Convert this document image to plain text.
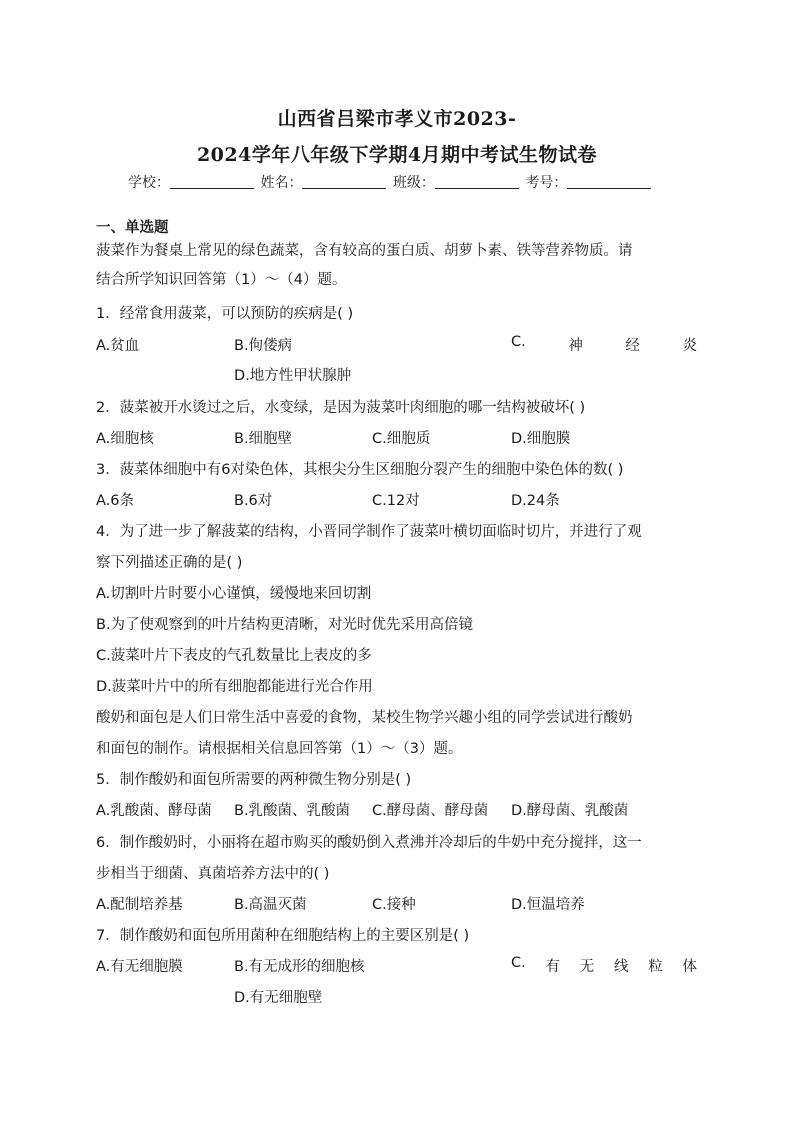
山西省吕梁市孝义市2023-
2024学年八年级下学期4月期中考试生物试卷
学校：	姓名：	班级：	考号：
一、单选题
菠菜作为餐桌上常见的绿色蔬菜，含有较高的蛋白质、胡萝卜素、铁等营养物质。请
结合所学知识回答第（1）～（4）题。
1．经常食用菠菜，可以预防的疾病是( )
A.贫血	B.佝偻病	C.	神	经	炎
D.地方性甲状腺肿
2．菠菜被开水烫过之后，水变绿，是因为菠菜叶肉细胞的哪一结构被破坏( )
A.细胞核	B.细胞壁	C.细胞质	D.细胞膜
3．菠菜体细胞中有6对染色体，其根尖分生区细胞分裂产生的细胞中染色体的数( )
A.6条	B.6对	C.12对	D.24条
4．为了进一步了解菠菜的结构，小晋同学制作了菠菜叶横切面临时切片，并进行了观
察下列描述正确的是( )
A.切割叶片时要小心谨慎，缓慢地来回切割
B.为了使观察到的叶片结构更清晰，对光时优先采用高倍镜
C.菠菜叶片下表皮的气孔数量比上表皮的多
D.菠菜叶片中的所有细胞都能进行光合作用
酸奶和面包是人们日常生活中喜爱的食物，某校生物学兴趣小组的同学尝试进行酸奶
和面包的制作。请根据相关信息回答第（1）～（3）题。
5．制作酸奶和面包所需要的两种微生物分别是( )
A.乳酸菌、酵母菌 B.乳酸菌、乳酸菌 C.酵母菌、酵母菌 D.酵母菌、乳酸菌
6．制作酸奶时，小丽将在超市购买的酸奶倒入煮沸并冷却后的牛奶中充分搅拌，这一
步相当于细菌、真菌培养方法中的( )
A.配制培养基	B.高温灭菌	C.接种	D.恒温培养
7．制作酸奶和面包所用菌种在细胞结构上的主要区别是( )
A.有无细胞膜	B.有无成形的细胞核	C. 有 无 线 粒 体
D.有无细胞壁
